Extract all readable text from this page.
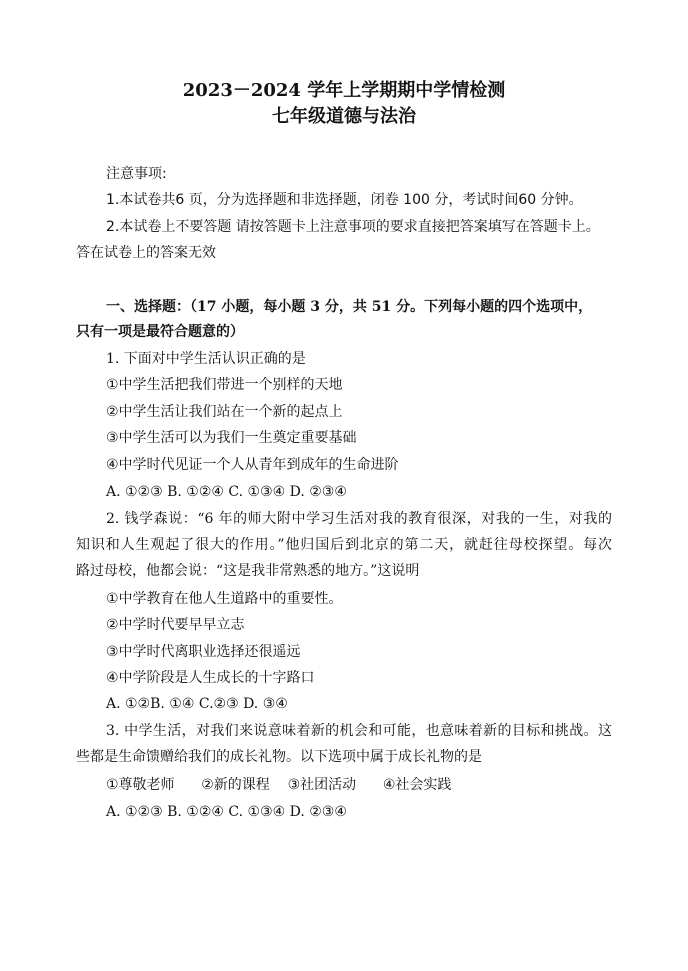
2023－2024 学年上学期期中学情检测
七年级道德与法治
注意事项:
1.本试卷共6 页，分为选择题和非选择题，闭卷 100 分，考试时间60 分钟。
2.本试卷上不要答题 请按答题卡上注意事项的要求直接把答案填写在答题卡上。
答在试卷上的答案无效
一、选择题：（17 小题，每小题 3 分，共 51 分。下列每小题的四个选项中，
只有一项是最符合题意的）
1. 下面对中学生活认识正确的是
①中学生活把我们带进一个别样的天地
②中学生活让我们站在一个新的起点上
③中学生活可以为我们一生奠定重要基础
④中学时代见证一个人从青年到成年的生命进阶
A. ①②③ B. ①②④ C. ①③④ D. ②③④
2. 钱学森说：“6 年的师大附中学习生活对我的教育很深，对我的一生，对我的
知识和人生观起了很大的作用。”他归国后到北京的第二天，就赶往母校探望。每次
路过母校，他都会说：“这是我非常熟悉的地方。”这说明
①中学教育在他人生道路中的重要性。
②中学时代要早早立志
③中学时代离职业选择还很遥远
④中学阶段是人生成长的十字路口
A. ①②B. ①④ C.②③ D. ③④
3. 中学生活，对我们来说意味着新的机会和可能，也意味着新的目标和挑战。这
些都是生命馈赠给我们的成长礼物。以下选项中属于成长礼物的是
①尊敬老师      ②新的课程    ③社团活动      ④社会实践
A. ①②③ B. ①②④ C. ①③④ D. ②③④
